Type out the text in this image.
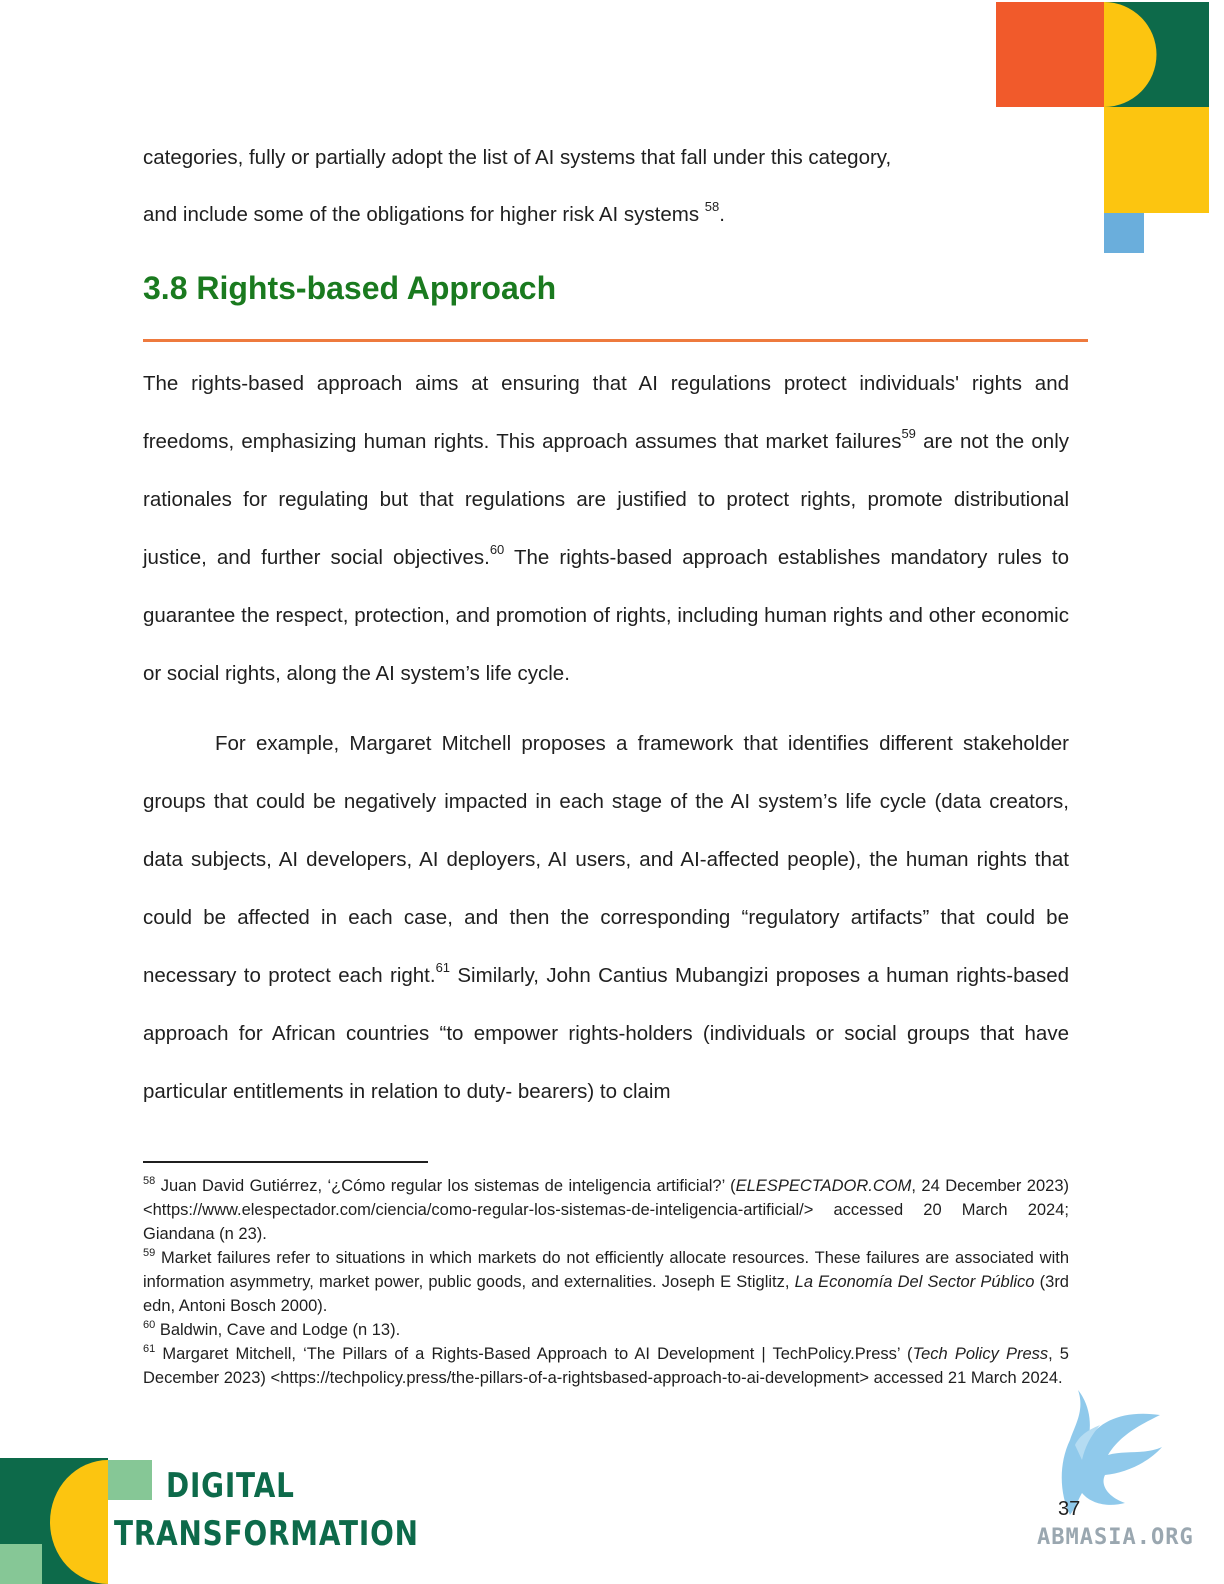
categories, fully or partially adopt the list of AI systems that fall under this category,

and include some of the obligations for higher risk AI systems $^{58}$.

3.8 Rights-based Approach

The rights-based approach aims at ensuring that AI regulations protect individuals' rights and freedoms, emphasizing human rights. This approach assumes that market failures$^{59}$ are not the only rationales for regulating but that regulations are justified to protect rights, promote distributional justice, and further social objectives.$^{60}$ The rights-based approach establishes mandatory rules to guarantee the respect, protection, and promotion of rights, including human rights and other economic or social rights, along the AI system’s life cycle.

For example, Margaret Mitchell proposes a framework that identifies different stakeholder groups that could be negatively impacted in each stage of the AI system’s life cycle (data creators, data subjects, AI developers, AI deployers, AI users, and AI-affected people), the human rights that could be affected in each case, and then the corresponding “regulatory artifacts” that could be necessary to protect each right.$^{61}$ Similarly, John Cantius Mubangizi proposes a human rights-based approach for African countries “to empower rights-holders (individuals or social groups that have particular entitlements in relation to duty- bearers) to claim

$^{58}$ Juan David Gutiérrez, ‘¿Cómo regular los sistemas de inteligencia artificial?’ (ELESPECTADOR.COM, 24 December 2023) <https://www.elespectador.com/ciencia/como-regular-los-sistemas-de-inteligencia-artificial/> accessed 20 March 2024; Giandana (n 23).

$^{59}$ Market failures refer to situations in which markets do not efficiently allocate resources. These failures are associated with information asymmetry, market power, public goods, and externalities. Joseph E Stiglitz, La Economía Del Sector Público (3rd edn, Antoni Bosch 2000).

$^{60}$ Baldwin, Cave and Lodge (n 13).

$^{61}$ Margaret Mitchell, ‘The Pillars of a Rights-Based Approach to AI Development | TechPolicy.Press’ (Tech Policy Press, 5 December 2023) <https://techpolicy.press/the-pillars-of-a-rightsbased-approach-to-ai-development> accessed 21 March 2024.

DIGITAL
TRANSFORMATION
37
ABMASIA.ORG
